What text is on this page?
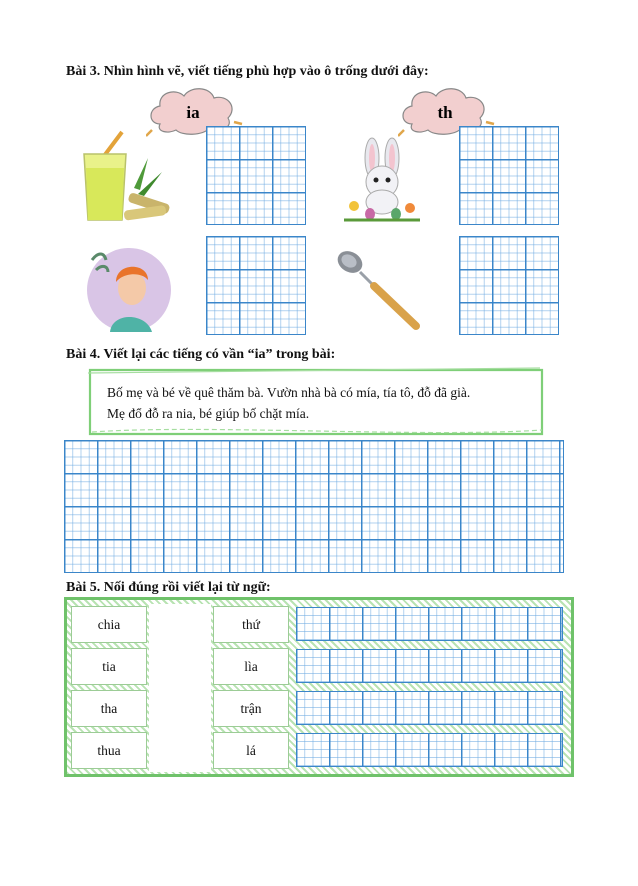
Bài 3. Nhìn hình vẽ, viết tiếng phù hợp vào ô trống dưới đây:
ia	th
Bài 4. Viết lại các tiếng có vần “ia” trong bài:
Bố mẹ và bé về quê thăm bà. Vườn nhà bà có mía, tía tô, đỗ đã già.
Mẹ đổ đỗ ra nia, bé giúp bố chặt mía.
Bài 5. Nối đúng rồi viết lại từ ngữ:
chia
tia
tha
thua
thứ
lìa
trận
lá
